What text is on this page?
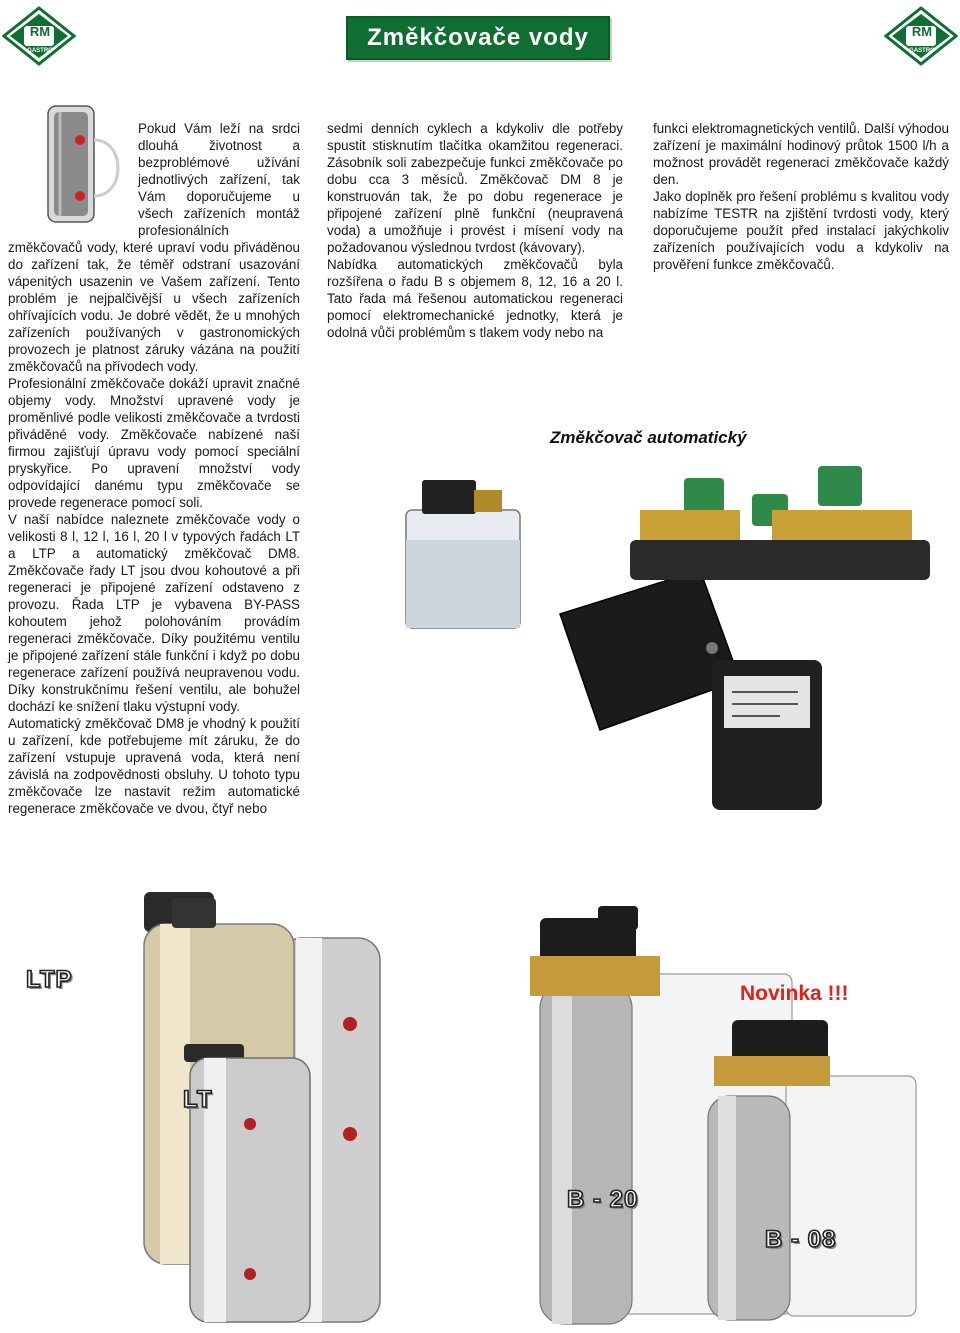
RM
GASTRO
RM
GASTRO
Změkčovače vody

Pokud Vám leží na srdci dlouhá životnost a bezproblémové užívání jednotlivých zařízení, tak Vám doporučujeme u všech zařízeních montáž profesionálních

změkčovačů vody, které upraví vodu přiváděnou do zařízení tak, že téměř odstraní usazování vápenitých usazenin ve Vašem zařízení. Tento problém je nejpalčivější u všech zařízeních ohřívajících vodu. Je dobré vědět, že u mnohých zařízeních používaných v gastronomických provozech je platnost záruky vázána na použití změkčovačů na přívodech vody.

Profesionální změkčovače dokáží upravit značné objemy vody. Množství upravené vody je proměnlivé podle velikosti změkčovače a tvrdosti přiváděné vody. Změkčovače nabízené naší firmou zajišťují úpravu vody pomocí speciální pryskyřice. Po upravení množství vody odpovídající danému typu změkčovače se provede regenerace pomocí soli.

V naší nabídce naleznete změkčovače vody o velikosti 8 l, 12 l, 16 l, 20 l v typových řadách LT a LTP a automatický změkčovač DM8. Změkčovače řady LT jsou dvou kohoutové a při regeneraci je připojené zařízení odstaveno z provozu. Řada LTP je vybavena BY-PASS kohoutem jehož polohováním provádím regeneraci změkčovače. Díky použitému ventilu je připojené zařízení stále funkční i když po dobu regenerace zařízení používá neupravenou vodu. Díky konstrukčnímu řešení ventilu, ale bohužel dochází ke snížení tlaku výstupní vody.

Automatický změkčovač DM8 je vhodný k použití u zařízení, kde potřebujeme mít záruku, že do zařízení vstupuje upravená voda, která není závislá na zodpovědnosti obsluhy. U tohoto typu změkčovače lze nastavit režim automatické regenerace změkčovače ve dvou, čtyř nebo

sedmi denních cyklech a kdykoliv dle potřeby spustit stisknutím tlačítka okamžitou regeneraci. Zásobník soli zabezpečuje funkci změkčovače po dobu cca 3 měsíců. Změkčovač DM 8 je konstruován tak, že po dobu regenerace je připojené zařízení plně funkční (neupravená voda) a umožňuje i provést i mísení vody na požadovanou výslednou tvrdost (kávovary).

Nabídka automatických změkčovačů byla rozšířena o řadu B s objemem 8, 12, 16 a 20 l. Tato řada má řešenou automatickou regeneraci pomocí elektromechanické jednotky, která je odolná vůči problémům s tlakem vody nebo na

funkci elektromagnetických ventilů. Další výhodou zařízení je maximální hodinový průtok 1500 l/h a možnost provádět regeneraci změkčovače každý den.

Jako doplněk pro řešení problému s kvalitou vody nabízíme TESTR na zjištění tvrdosti vody, který doporučujeme použít před instalací jakýchkoliv zařízeních používajících vodu a kdykoliv na prověření funkce změkčovačů.

Změkčovač automatický
LTP
LT
B - 20
B - 08
Novinka !!!
